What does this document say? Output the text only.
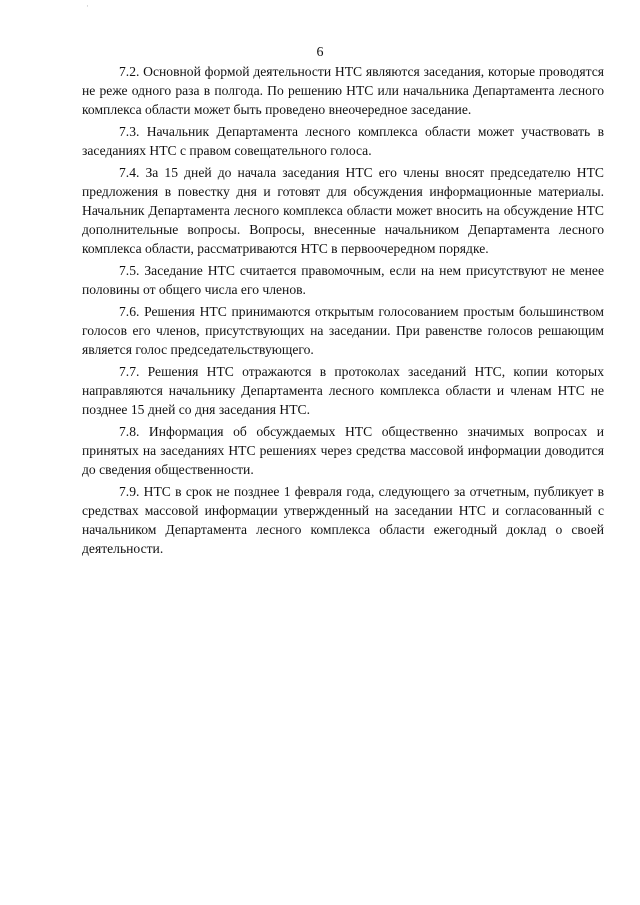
·
6

7.2. Основной формой деятельности НТС являются заседания, которые проводятся не реже одного раза в полгода. По решению НТС или начальника Департамента лесного комплекса области может быть проведено внеочередное заседание.

7.3. Начальник Департамента лесного комплекса области может участвовать в заседаниях НТС с правом совещательного голоса.

7.4. За 15 дней до начала заседания НТС его члены вносят председателю НТС предложения в повестку дня и готовят для обсуждения информационные материалы. Начальник Департамента лесного комплекса области может вносить на обсуждение НТС дополнительные вопросы. Вопросы, внесенные начальником Департамента лесного комплекса области, рассматриваются НТС в первоочередном порядке.

7.5. Заседание НТС считается правомочным, если на нем присутствуют не менее половины от общего числа его членов.

7.6. Решения НТС принимаются открытым голосованием простым большинством голосов его членов, присутствующих на заседании. При равенстве голосов решающим является голос председательствующего.

7.7. Решения НТС отражаются в протоколах заседаний НТС, копии которых направляются начальнику Департамента лесного комплекса области и членам НТС не позднее 15 дней со дня заседания НТС.

7.8. Информация об обсуждаемых НТС общественно значимых вопросах и принятых на заседаниях НТС решениях через средства массовой информации доводится до сведения общественности.

7.9. НТС в срок не позднее 1 февраля года, следующего за отчетным, публикует в средствах массовой информации утвержденный на заседании НТС и согласованный с начальником Департамента лесного комплекса области ежегодный доклад о своей деятельности.
